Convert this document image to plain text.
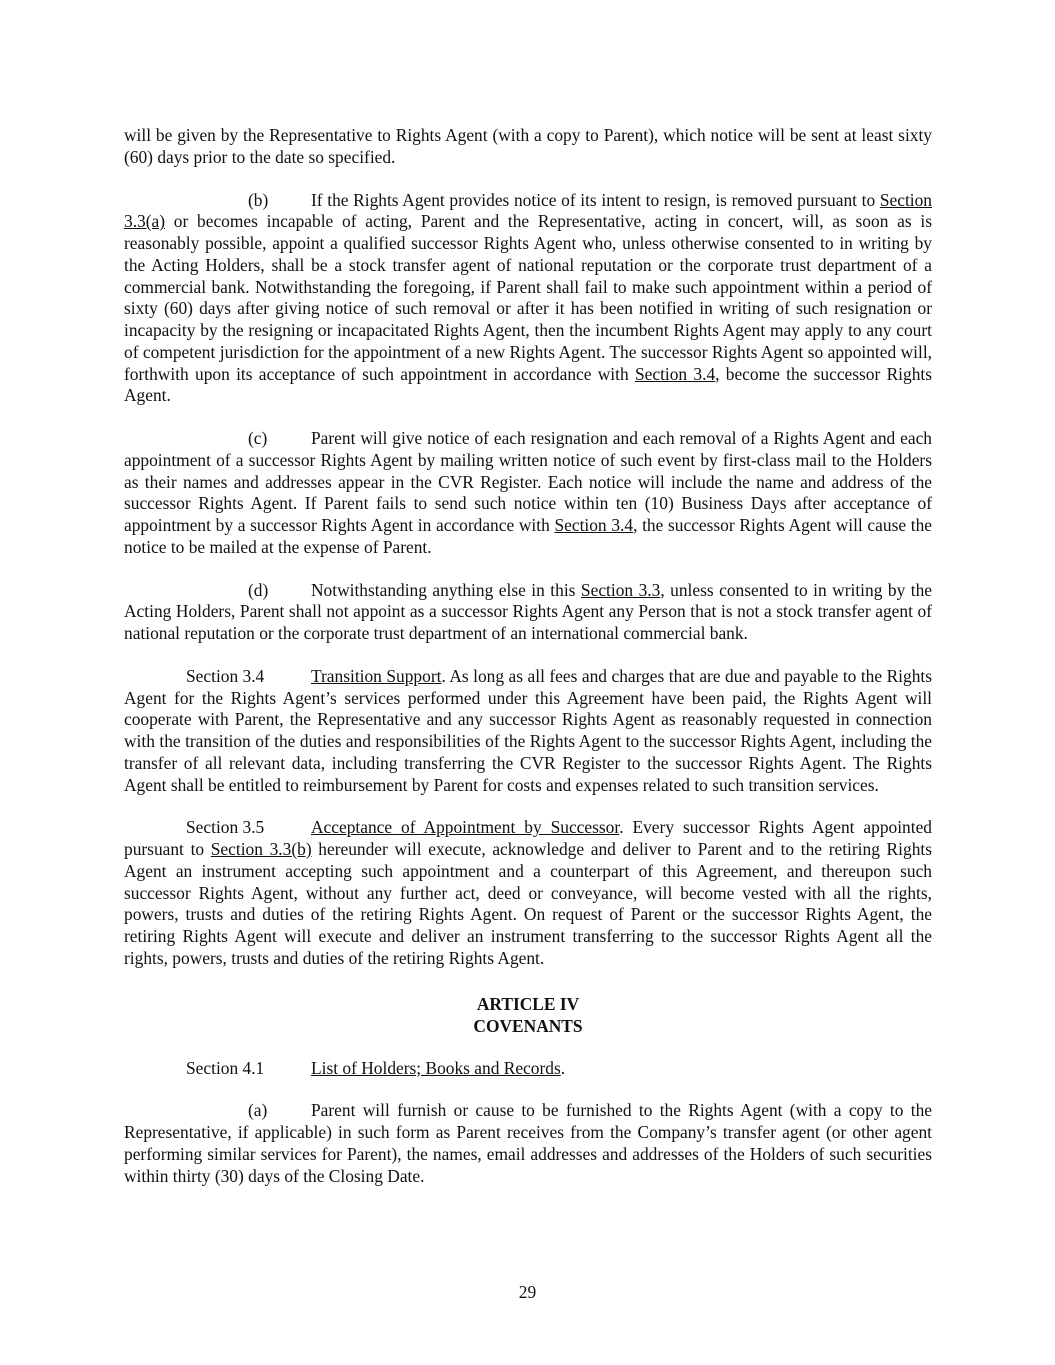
will be given by the Representative to Rights Agent (with a copy to Parent), which notice will be sent at least sixty (60) days prior to the date so specified.

(b) If the Rights Agent provides notice of its intent to resign, is removed pursuant to Section 3.3(a) or becomes incapable of acting, Parent and the Representative, acting in concert, will, as soon as is reasonably possible, appoint a qualified successor Rights Agent who, unless otherwise consented to in writing by the Acting Holders, shall be a stock transfer agent of national reputation or the corporate trust department of a commercial bank. Notwithstanding the foregoing, if Parent shall fail to make such appointment within a period of sixty (60) days after giving notice of such removal or after it has been notified in writing of such resignation or incapacity by the resigning or incapacitated Rights Agent, then the incumbent Rights Agent may apply to any court of competent jurisdiction for the appointment of a new Rights Agent. The successor Rights Agent so appointed will, forthwith upon its acceptance of such appointment in accordance with Section 3.4, become the successor Rights Agent.

(c)	Parent will give notice of each resignation and each removal of a Rights Agent and each appointment of a successor Rights Agent by mailing written notice of such event by first-class mail to the Holders as their names and addresses appear in the CVR Register. Each notice will include the name and address of the successor Rights Agent. If Parent fails to send such notice within ten (10) Business Days after acceptance of appointment by a successor Rights Agent in accordance with Section 3.4, the successor Rights Agent will cause the notice to be mailed at the expense of Parent.

(d) Notwithstanding anything else in this Section 3.3, unless consented to in writing by the Acting Holders, Parent shall not appoint as a successor Rights Agent any Person that is not a stock transfer agent of national reputation or the corporate trust department of an international commercial bank.

Section 3.4	Transition Support. As long as all fees and charges that are due and payable to the Rights Agent for the Rights Agent’s services performed under this Agreement have been paid, the Rights Agent will cooperate with Parent, the Representative and any successor Rights Agent as reasonably requested in connection with the transition of the duties and responsibilities of the Rights Agent to the successor Rights Agent, including the transfer of all relevant data, including transferring the CVR Register to the successor Rights Agent. The Rights Agent shall be entitled to reimbursement by Parent for costs and expenses related to such transition services.

Section 3.5	Acceptance of Appointment by Successor. Every successor Rights Agent appointed pursuant to Section 3.3(b) hereunder will execute, acknowledge and deliver to Parent and to the retiring Rights Agent an instrument accepting such appointment and a counterpart of this Agreement, and thereupon such successor Rights Agent, without any further act, deed or conveyance, will become vested with all the rights, powers, trusts and duties of the retiring Rights Agent. On request of Parent or the successor Rights Agent, the retiring Rights Agent will execute and deliver an instrument transferring to the successor Rights Agent all the rights, powers, trusts and duties of the retiring Rights Agent.

ARTICLE IV
COVENANTS

Section 4.1	List of Holders; Books and Records.

(a)	Parent will furnish or cause to be furnished to the Rights Agent (with a copy to the Representative, if applicable) in such form as Parent receives from the Company’s transfer agent (or other agent performing similar services for Parent), the names, email addresses and addresses of the Holders of such securities within thirty (30) days of the Closing Date.

29
